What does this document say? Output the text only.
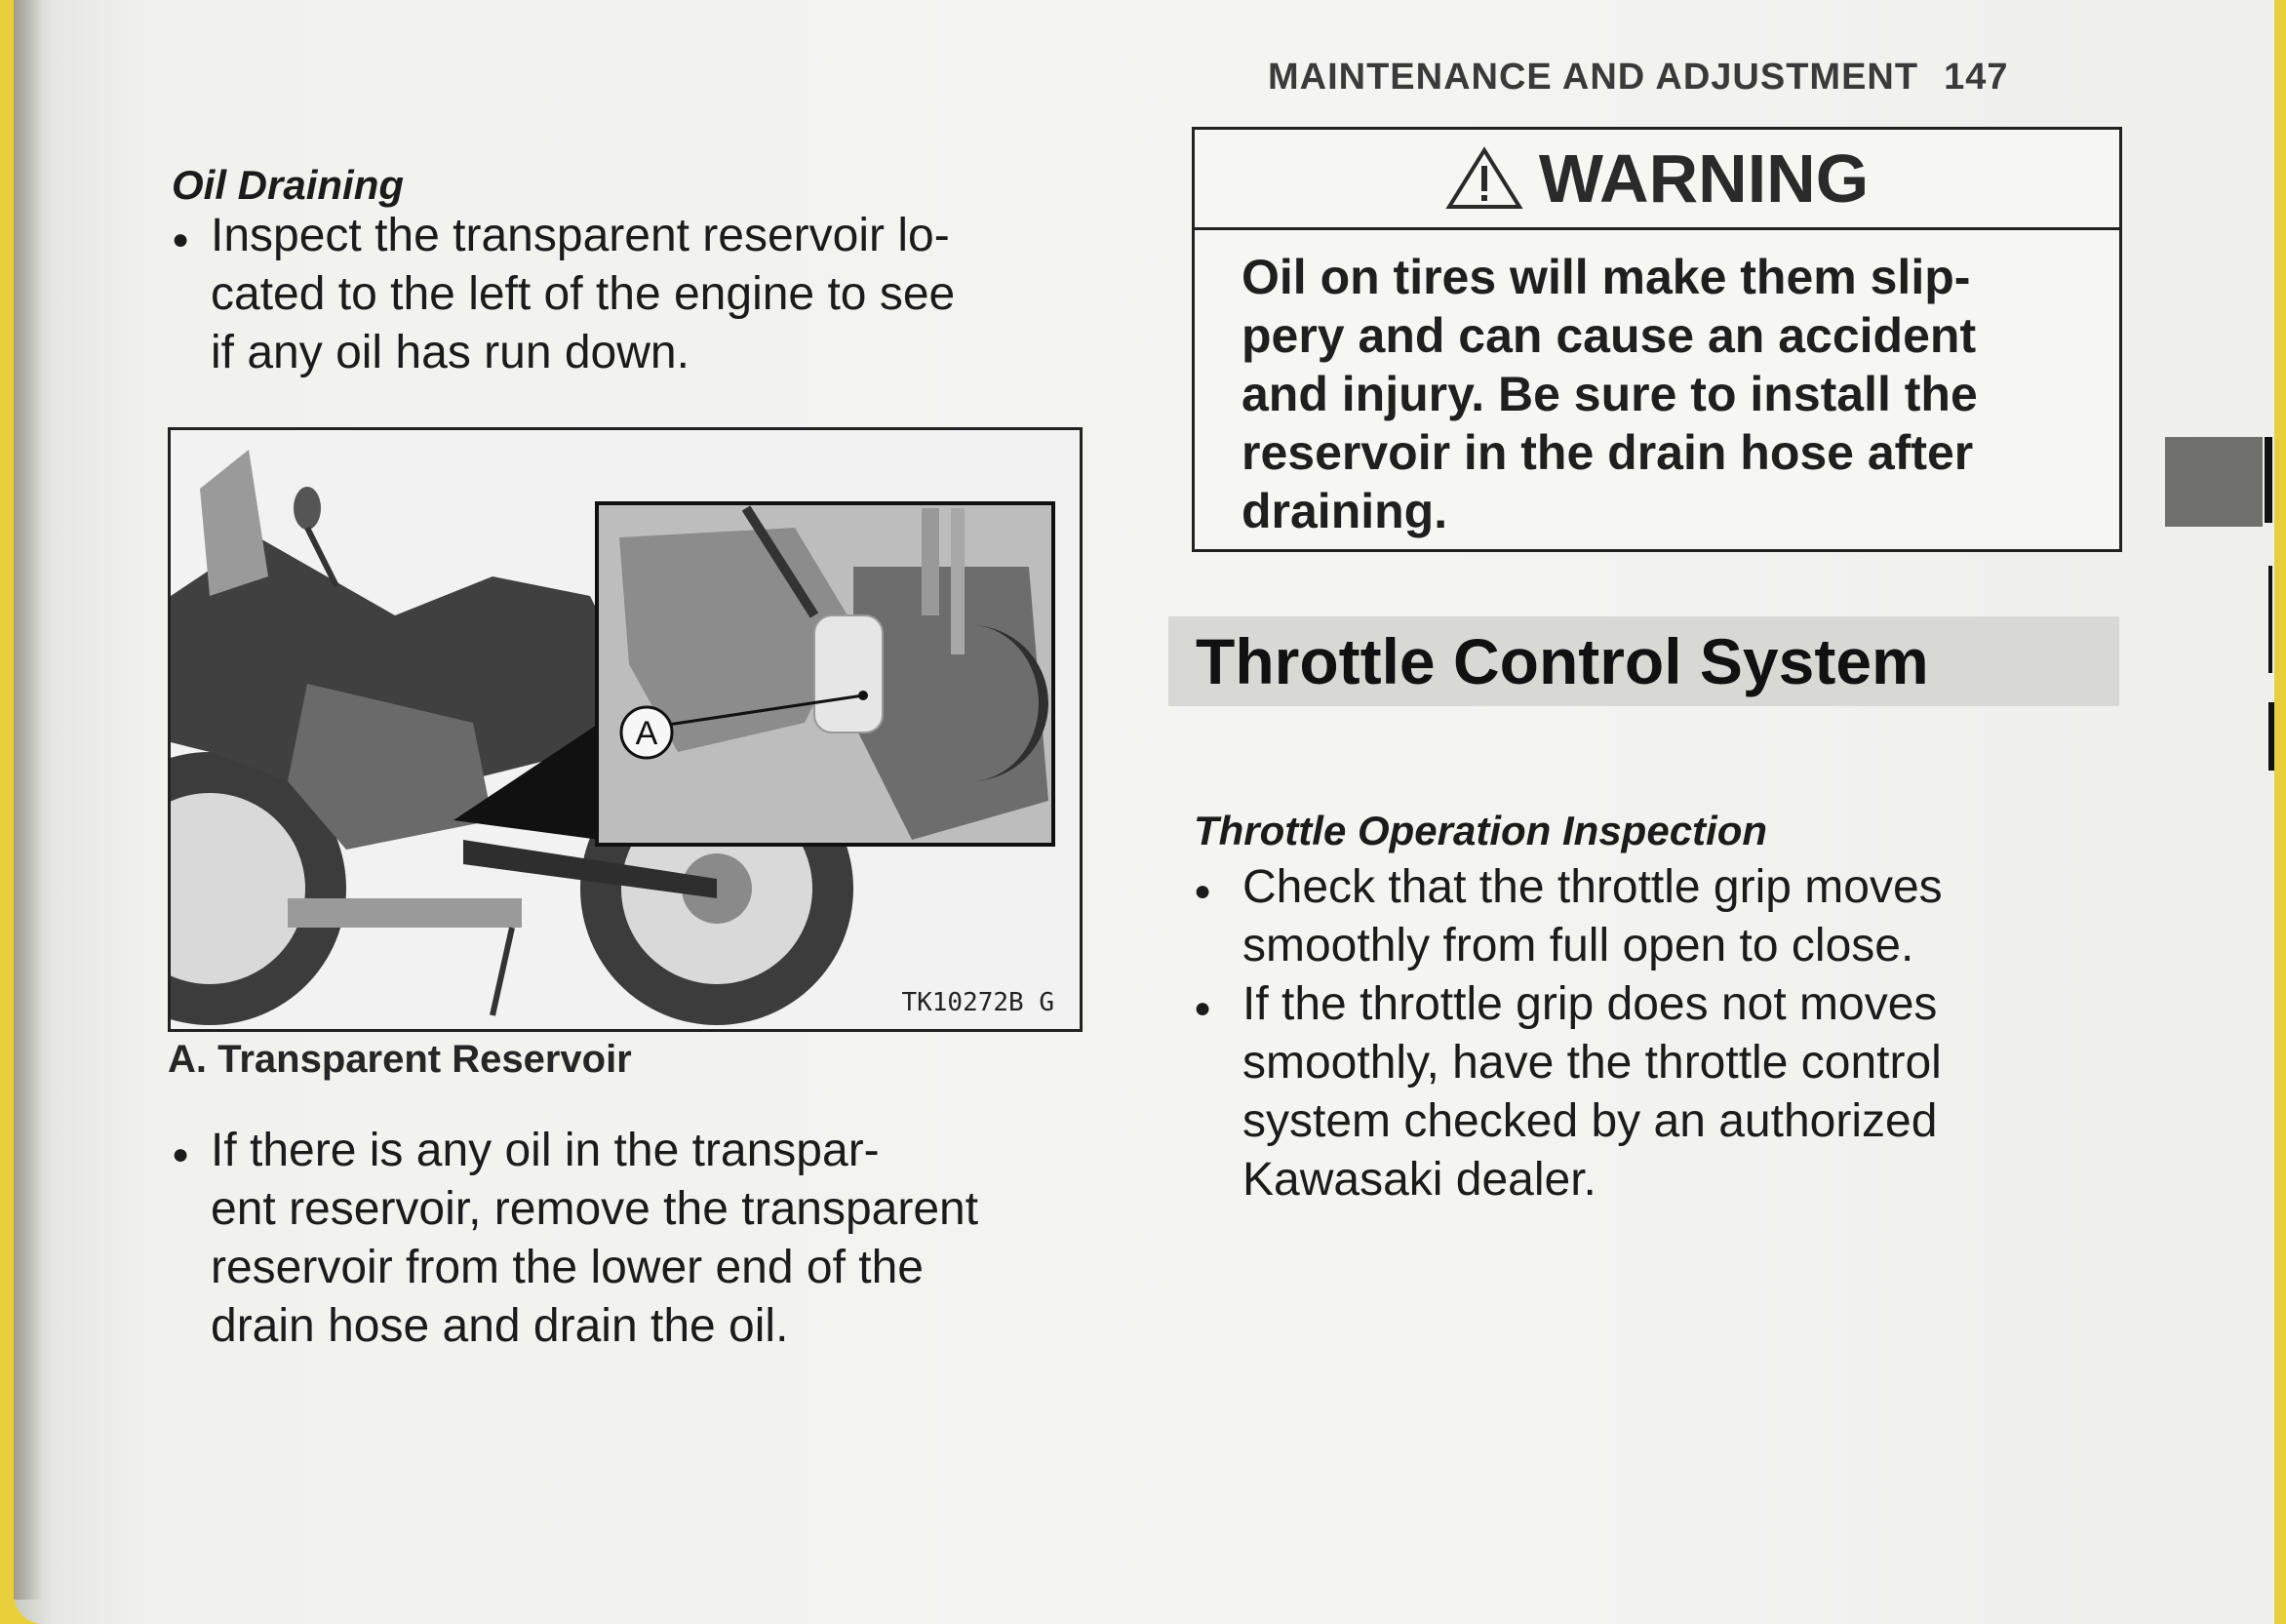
MAINTENANCE AND ADJUSTMENT 147
Oil Draining
● Inspect the transparent reservoir lo-
cated to the left of the engine to see
if any oil has run down.
A
TK10272B G
A. Transparent Reservoir
● If there is any oil in the transpar-
ent reservoir, remove the transparent
reservoir from the lower end of the
drain hose and drain the oil.
WARNING
Oil on tires will make them slip-
pery and can cause an accident
and injury. Be sure to install the
reservoir in the drain hose after
draining.
Throttle Control System
Throttle Operation Inspection
● Check that the throttle grip moves
smoothly from full open to close.
● If the throttle grip does not moves
smoothly, have the throttle control
system checked by an authorized
Kawasaki dealer.
